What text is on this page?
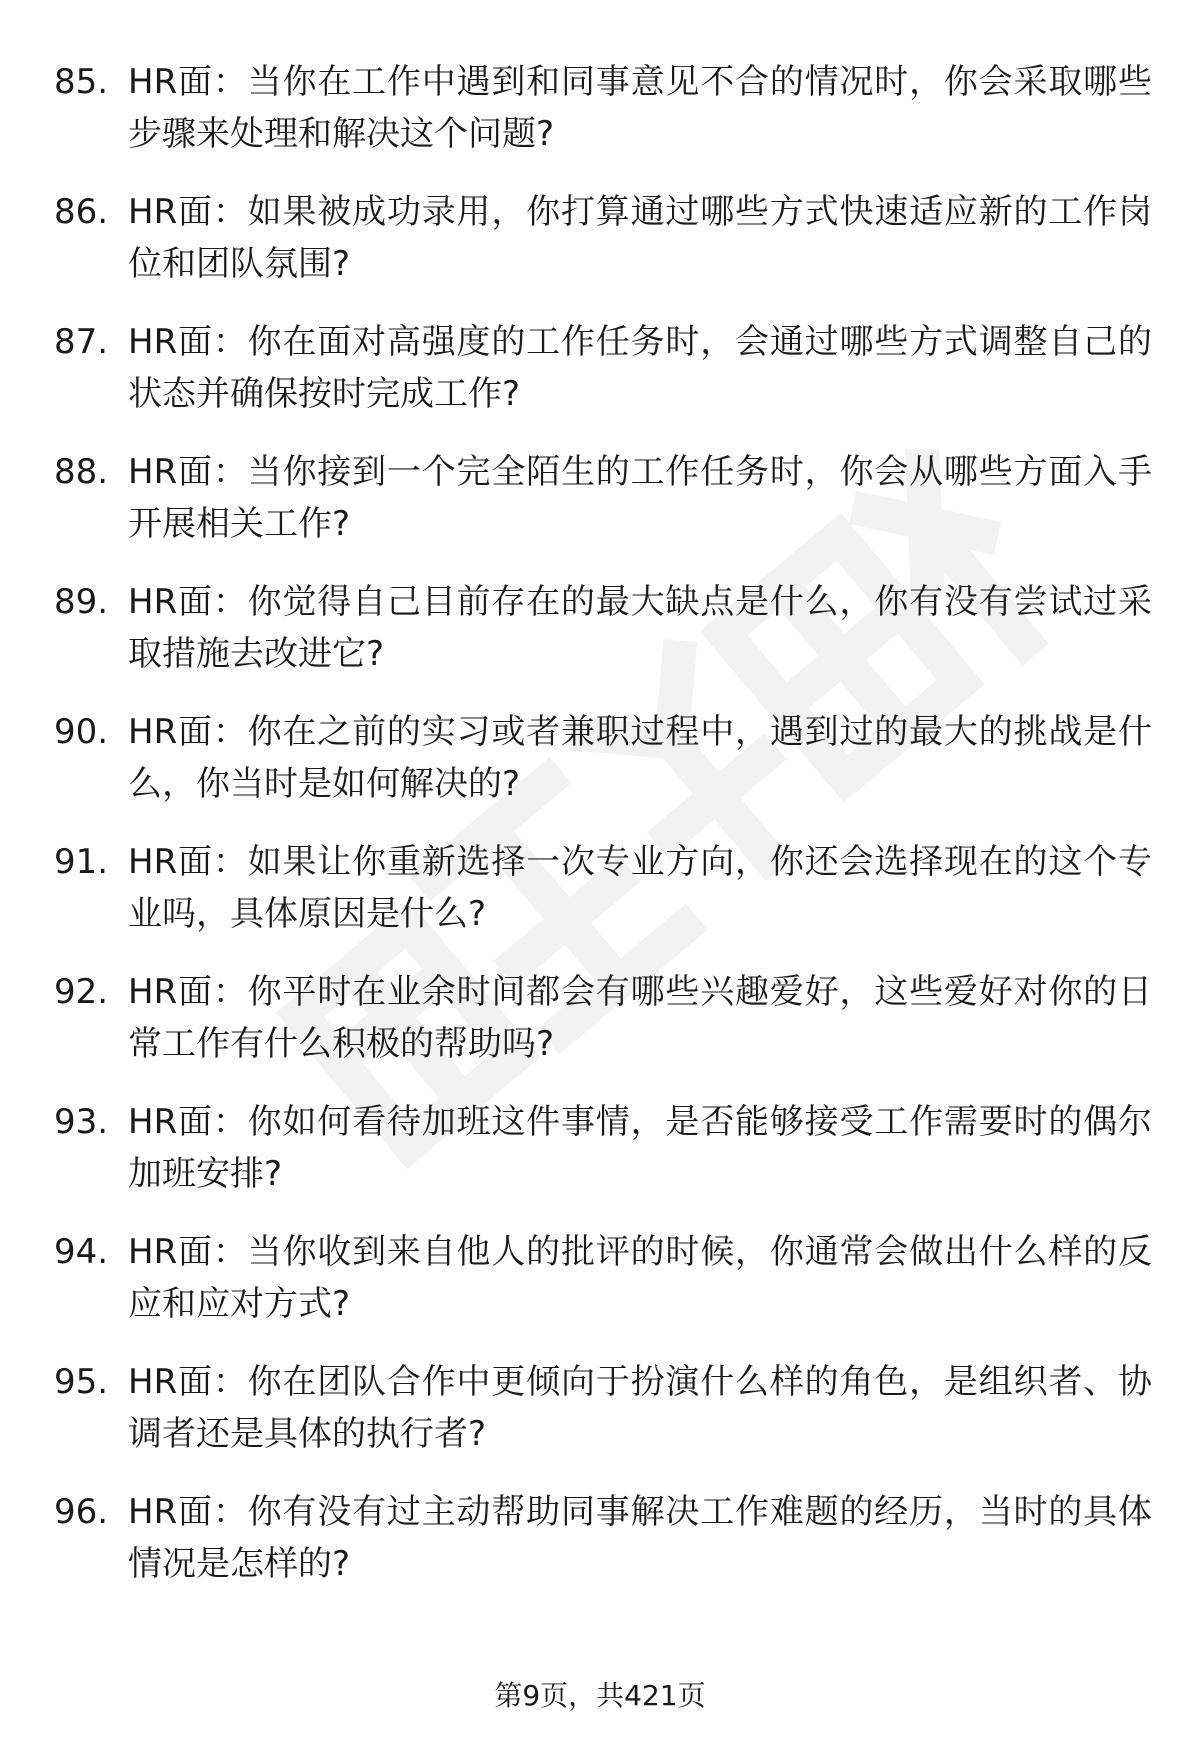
85. HR面：当你在工作中遇到和同事意见不合的情况时，你会采取哪些步骤来处理和解决这个问题?
86. HR面：如果被成功录用，你打算通过哪些方式快速适应新的工作岗位和团队氛围?
87. HR面：你在面对高强度的工作任务时，会通过哪些方式调整自己的状态并确保按时完成工作?
88. HR面：当你接到一个完全陌生的工作任务时，你会从哪些方面入手开展相关工作?
89. HR面：你觉得自己目前存在的最大缺点是什么，你有没有尝试过采取措施去改进它?
90. HR面：你在之前的实习或者兼职过程中，遇到过的最大的挑战是什么，你当时是如何解决的?
91. HR面：如果让你重新选择一次专业方向，你还会选择现在的这个专业吗，具体原因是什么?
92. HR面：你平时在业余时间都会有哪些兴趣爱好，这些爱好对你的日常工作有什么积极的帮助吗?
93. HR面：你如何看待加班这件事情，是否能够接受工作需要时的偶尔加班安排?
94. HR面：当你收到来自他人的批评的时候，你通常会做出什么样的反应和应对方式?
95. HR面：你在团队合作中更倾向于扮演什么样的角色，是组织者、协调者还是具体的执行者?
96. HR面：你有没有过主动帮助同事解决工作难题的经历，当时的具体情况是怎样的?
第9页，共421页
